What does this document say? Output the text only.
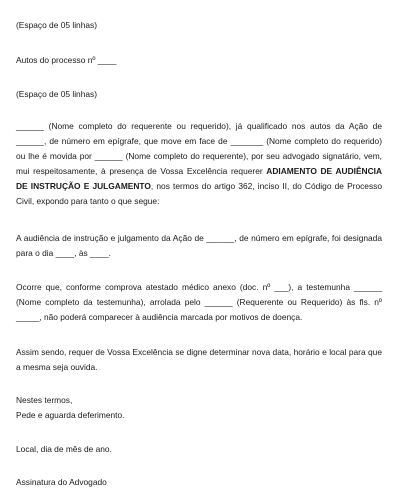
(Espaço de 05 linhas)

Autos do processo nº ____

(Espaço de 05 linhas)

______ (Nome completo do requerente ou requerido), já qualificado nos autos da Ação de ______, de número em epígrafe, que move em face de _______ (Nome completo do requerido) ou lhe é movida por ______ (Nome completo do requerente), por seu advogado signatário, vem, mui respeitosamente, à presença de Vossa Excelência requerer ADIAMENTO DE AUDIÊNCIA DE INSTRUÇÃO E JULGAMENTO, nos termos do artigo 362, inciso II, do Código de Processo Civil, expondo para tanto o que segue:

A audiência de instrução e julgamento da Ação de ______, de número em epígrafe, foi designada para o dia ____, às ____.

Ocorre que, conforme comprova atestado médico anexo (doc. nº ___), a testemunha ______ (Nome completo da testemunha), arrolada pelo ______ (Requerente ou Requerido) às fls. nº _____, não poderá comparecer à audiência marcada por motivos de doença.

Assim sendo, requer de Vossa Excelência se digne determinar nova data, horário e local para que a mesma seja ouvida.

Nestes termos,
Pede e aguarda deferimento.

Local, dia de mês de ano.

Assinatura do Advogado
